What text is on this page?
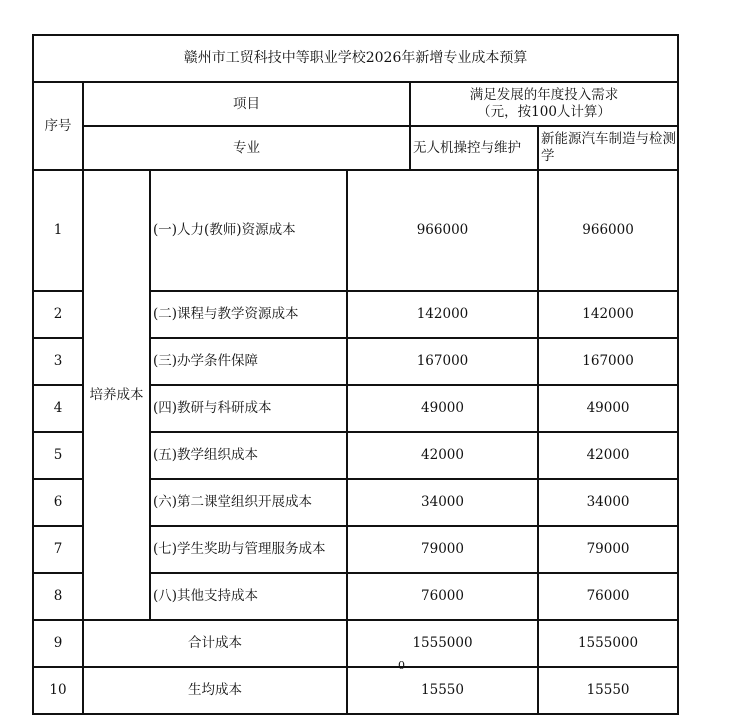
赣州市工贸科技中等职业学校2026年新增专业成本预算						
序号	项目			满足发展的年度投入需求
（元，按100人计算）

	专业			无人机操控与维护	新能源汽车制造与检测学	
1	培养成本	(一)人力(教师)资源成本	966000		966000	
2		(二)课程与教学资源成本	142000		142000	
3		(三)办学条件保障	167000		167000	
4		(四)教研与科研成本	49000		49000	
5		(五)教学组织成本	42000		42000	
6		(六)第二课堂组织开展成本	34000		34000	
7		(七)学生奖助与管理服务成本	79000		79000	
8		(八)其他支持成本	76000		76000	
9	合计成本		1555000		1555000	
10	生均成本		15550		15550	
0
